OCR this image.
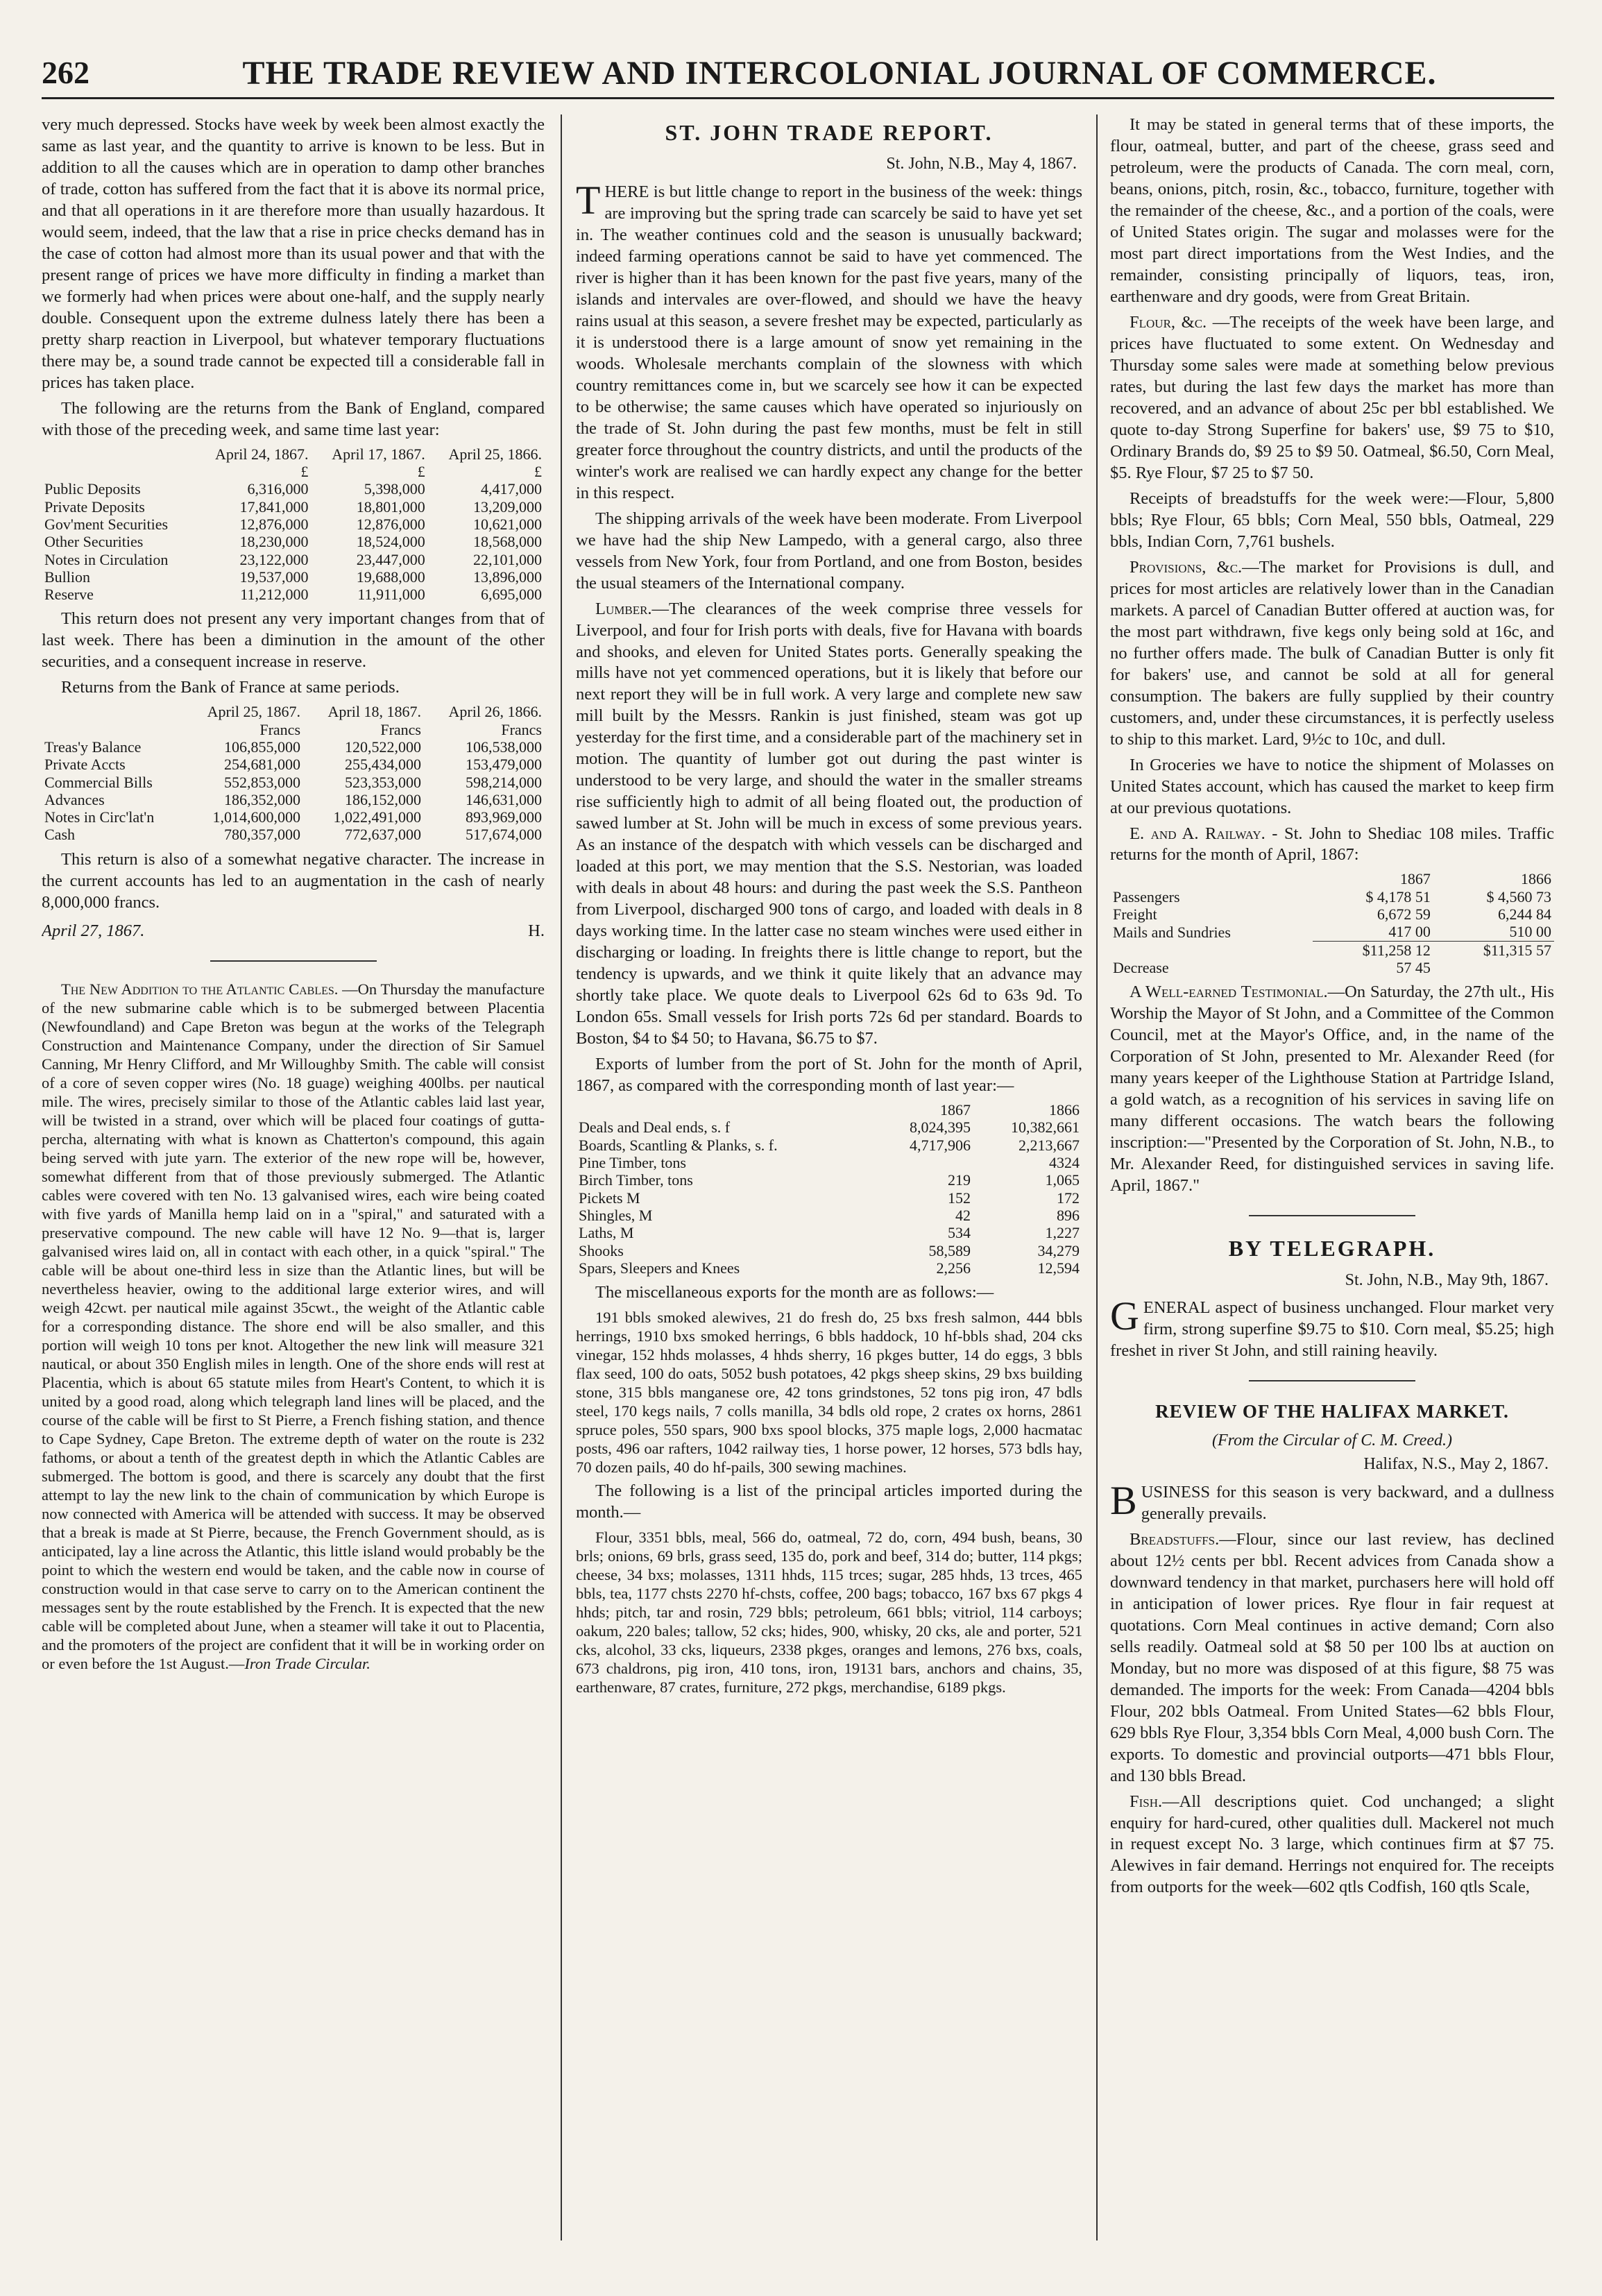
262	THE TRADE REVIEW AND INTERCOLONIAL JOURNAL OF COMMERCE.

very much depressed. Stocks have week by week been almost exactly the same as last year, and the quantity to arrive is known to be less. But in addition to all the causes which are in operation to damp other branches of trade, cotton has suffered from the fact that it is above its normal price, and that all operations in it are therefore more than usually hazardous. It would seem, indeed, that the law that a rise in price checks demand has in the case of cotton had almost more than its usual power and that with the present range of prices we have more difficulty in finding a market than we formerly had when prices were about one-half, and the supply nearly double. Consequent upon the extreme dulness lately there has been a pretty sharp reaction in Liverpool, but whatever temporary fluctuations there may be, a sound trade cannot be expected till a considerable fall in prices has taken place.

The following are the returns from the Bank of England, compared with those of the preceding week, and same time last year:

	April 24, 1867.	April 17, 1867.	April 25, 1866.
	£	£	£
Public Deposits	6,316,000	5,398,000	4,417,000
Private Deposits	17,841,000	18,801,000	13,209,000
Gov'ment Securities	12,876,000	12,876,000	10,621,000
Other Securities	18,230,000	18,524,000	18,568,000
Notes in Circulation	23,122,000	23,447,000	22,101,000
Bullion	19,537,000	19,688,000	13,896,000
Reserve	11,212,000	11,911,000	6,695,000

This return does not present any very important changes from that of last week. There has been a diminution in the amount of the other securities, and a consequent increase in reserve.

Returns from the Bank of France at same periods.

	April 25, 1867.	April 18, 1867.	April 26, 1866.
	Francs	Francs	Francs
Treas'y Balance	106,855,000	120,522,000	106,538,000
Private Accts	254,681,000	255,434,000	153,479,000
Commercial Bills	552,853,000	523,353,000	598,214,000
Advances	186,352,000	186,152,000	146,631,000
Notes in Circ'lat'n	1,014,600,000	1,022,491,000	893,969,000
Cash	780,357,000	772,637,000	517,674,000

This return is also of a somewhat negative character. The increase in the current accounts has led to an augmentation in the cash of nearly 8,000,000 francs.

April 27, 1867.	H.

The New Addition to the Atlantic Cables. —On Thursday the manufacture of the new submarine cable which is to be submerged between Placentia (Newfoundland) and Cape Breton was begun at the works of the Telegraph Construction and Maintenance Company, under the direction of Sir Samuel Canning, Mr Henry Clifford, and Mr Willoughby Smith. The cable will consist of a core of seven copper wires (No. 18 guage) weighing 400lbs. per nautical mile. The wires, precisely similar to those of the Atlantic cables laid last year, will be twisted in a strand, over which will be placed four coatings of gutta-percha, alternating with what is known as Chatterton's compound, this again being served with jute yarn. The exterior of the new rope will be, however, somewhat different from that of those previously submerged. The Atlantic cables were covered with ten No. 13 galvanised wires, each wire being coated with five yards of Manilla hemp laid on in a "spiral," and saturated with a preservative compound. The new cable will have 12 No. 9—that is, larger galvanised wires laid on, all in contact with each other, in a quick "spiral." The cable will be about one-third less in size than the Atlantic lines, but will be nevertheless heavier, owing to the additional large exterior wires, and will weigh 42cwt. per nautical mile against 35cwt., the weight of the Atlantic cable for a corresponding distance. The shore end will be also smaller, and this portion will weigh 10 tons per knot. Altogether the new link will measure 321 nautical, or about 350 English miles in length. One of the shore ends will rest at Placentia, which is about 65 statute miles from Heart's Content, to which it is united by a good road, along which telegraph land lines will be placed, and the course of the cable will be first to St Pierre, a French fishing station, and thence to Cape Sydney, Cape Breton. The extreme depth of water on the route is 232 fathoms, or about a tenth of the greatest depth in which the Atlantic Cables are submerged. The bottom is good, and there is scarcely any doubt that the first attempt to lay the new link to the chain of communication by which Europe is now connected with America will be attended with success. It may be observed that a break is made at St Pierre, because, the French Government should, as is anticipated, lay a line across the Atlantic, this little island would probably be the point to which the western end would be taken, and the cable now in course of construction would in that case serve to carry on to the American continent the messages sent by the route established by the French. It is expected that the new cable will be completed about June, when a steamer will take it out to Placentia, and the promoters of the project are confident that it will be in working order on or even before the 1st August.—Iron Trade Circular.

ST. JOHN TRADE REPORT.
St. John, N.B., May 4, 1867.

THERE is but little change to report in the business of the week: things are improving but the spring trade can scarcely be said to have yet set in. The weather continues cold and the season is unusually backward; indeed farming operations cannot be said to have yet commenced. The river is higher than it has been known for the past five years, many of the islands and intervales are over-flowed, and should we have the heavy rains usual at this season, a severe freshet may be expected, particularly as it is understood there is a large amount of snow yet remaining in the woods. Wholesale merchants complain of the slowness with which country remittances come in, but we scarcely see how it can be expected to be otherwise; the same causes which have operated so injuriously on the trade of St. John during the past few months, must be felt in still greater force throughout the country districts, and until the products of the winter's work are realised we can hardly expect any change for the better in this respect.

The shipping arrivals of the week have been moderate. From Liverpool we have had the ship New Lampedo, with a general cargo, also three vessels from New York, four from Portland, and one from Boston, besides the usual steamers of the International company.

Lumber.—The clearances of the week comprise three vessels for Liverpool, and four for Irish ports with deals, five for Havana with boards and shooks, and eleven for United States ports. Generally speaking the mills have not yet commenced operations, but it is likely that before our next report they will be in full work. A very large and complete new saw mill built by the Messrs. Rankin is just finished, steam was got up yesterday for the first time, and a considerable part of the machinery set in motion. The quantity of lumber got out during the past winter is understood to be very large, and should the water in the smaller streams rise sufficiently high to admit of all being floated out, the production of sawed lumber at St. John will be much in excess of some previous years. As an instance of the despatch with which vessels can be discharged and loaded at this port, we may mention that the S.S. Nestorian, was loaded with deals in about 48 hours: and during the past week the S.S. Pantheon from Liverpool, discharged 900 tons of cargo, and loaded with deals in 8 days working time. In the latter case no steam winches were used either in discharging or loading. In freights there is little change to report, but the tendency is upwards, and we think it quite likely that an advance may shortly take place. We quote deals to Liverpool 62s 6d to 63s 9d. To London 65s. Small vessels for Irish ports 72s 6d per standard. Boards to Boston, $4 to $4 50; to Havana, $6.75 to $7.

Exports of lumber from the port of St. John for the month of April, 1867, as compared with the corresponding month of last year:—

	1867	1866
Deals and Deal ends, s. f	8,024,395	10,382,661
Boards, Scantling & Planks, s. f.	4,717,906	2,213,667
Pine Timber, tons		4324
Birch Timber, tons	219	1,065
Pickets M	152	172
Shingles, M	42	896
Laths, M	534	1,227
Shooks	58,589	34,279
Spars, Sleepers and Knees	2,256	12,594

The miscellaneous exports for the month are as follows:—

191 bbls smoked alewives, 21 do fresh do, 25 bxs fresh salmon, 444 bbls herrings, 1910 bxs smoked herrings, 6 bbls haddock, 10 hf-bbls shad, 204 cks vinegar, 152 hhds molasses, 4 hhds sherry, 16 pkges butter, 14 do eggs, 3 bbls flax seed, 100 do oats, 5052 bush potatoes, 42 pkgs sheep skins, 29 bxs building stone, 315 bbls manganese ore, 42 tons grindstones, 52 tons pig iron, 47 bdls steel, 170 kegs nails, 7 colls manilla, 34 bdls old rope, 2 crates ox horns, 2861 spruce poles, 550 spars, 900 bxs spool blocks, 375 maple logs, 2,000 hacmatac posts, 496 oar rafters, 1042 railway ties, 1 horse power, 12 horses, 573 bdls hay, 70 dozen pails, 40 do hf-pails, 300 sewing machines.

The following is a list of the principal articles imported during the month.—

Flour, 3351 bbls, meal, 566 do, oatmeal, 72 do, corn, 494 bush, beans, 30 brls; onions, 69 brls, grass seed, 135 do, pork and beef, 314 do; butter, 114 pkgs; cheese, 34 bxs; molasses, 1311 hhds, 115 trces; sugar, 285 hhds, 13 trces, 465 bbls, tea, 1177 chsts 2270 hf-chsts, coffee, 200 bags; tobacco, 167 bxs 67 pkgs 4 hhds; pitch, tar and rosin, 729 bbls; petroleum, 661 bbls; vitriol, 114 carboys; oakum, 220 bales; tallow, 52 cks; hides, 900, whisky, 20 cks, ale and porter, 521 cks, alcohol, 33 cks, liqueurs, 2338 pkges, oranges and lemons, 276 bxs, coals, 673 chaldrons, pig iron, 410 tons, iron, 19131 bars, anchors and chains, 35, earthenware, 87 crates, furniture, 272 pkgs, merchandise, 6189 pkgs.

It may be stated in general terms that of these imports, the flour, oatmeal, butter, and part of the cheese, grass seed and petroleum, were the products of Canada. The corn meal, corn, beans, onions, pitch, rosin, &c., tobacco, furniture, together with the remainder of the cheese, &c., and a portion of the coals, were of United States origin. The sugar and molasses were for the most part direct importations from the West Indies, and the remainder, consisting principally of liquors, teas, iron, earthenware and dry goods, were from Great Britain.

Flour, &c. —The receipts of the week have been large, and prices have fluctuated to some extent. On Wednesday and Thursday some sales were made at something below previous rates, but during the last few days the market has more than recovered, and an advance of about 25c per bbl established. We quote to-day Strong Superfine for bakers' use, $9 75 to $10, Ordinary Brands do, $9 25 to $9 50. Oatmeal, $6.50, Corn Meal, $5. Rye Flour, $7 25 to $7 50.

Receipts of breadstuffs for the week were:—Flour, 5,800 bbls; Rye Flour, 65 bbls; Corn Meal, 550 bbls, Oatmeal, 229 bbls, Indian Corn, 7,761 bushels.

Provisions, &c.—The market for Provisions is dull, and prices for most articles are relatively lower than in the Canadian markets. A parcel of Canadian Butter offered at auction was, for the most part withdrawn, five kegs only being sold at 16c, and no further offers made. The bulk of Canadian Butter is only fit for bakers' use, and cannot be sold at all for general consumption. The bakers are fully supplied by their country customers, and, under these circumstances, it is perfectly useless to ship to this market. Lard, 9½c to 10c, and dull.

In Groceries we have to notice the shipment of Molasses on United States account, which has caused the market to keep firm at our previous quotations.

E. and A. Railway. - St. John to Shediac 108 miles. Traffic returns for the month of April, 1867:

	1867	1866
Passengers	$ 4,178 51	$ 4,560 73
Freight	6,672 59	6,244 84
Mails and Sundries	417 00	510 00
	$11,258 12	$11,315 57
Decrease	57 45	

A Well-earned Testimonial.—On Saturday, the 27th ult., His Worship the Mayor of St John, and a Committee of the Common Council, met at the Mayor's Office, and, in the name of the Corporation of St John, presented to Mr. Alexander Reed (for many years keeper of the Lighthouse Station at Partridge Island, a gold watch, as a recognition of his services in saving life on many different occasions. The watch bears the following inscription:—"Presented by the Corporation of St. John, N.B., to Mr. Alexander Reed, for distinguished services in saving life. April, 1867."

BY TELEGRAPH.
St. John, N.B., May 9th, 1867.

GENERAL aspect of business unchanged. Flour market very firm, strong superfine $9.75 to $10. Corn meal, $5.25; high freshet in river St John, and still raining heavily.

REVIEW OF THE HALIFAX MARKET.
(From the Circular of C. M. Creed.)
Halifax, N.S., May 2, 1867.

BUSINESS for this season is very backward, and a dullness generally prevails.

Breadstuffs.—Flour, since our last review, has declined about 12½ cents per bbl. Recent advices from Canada show a downward tendency in that market, purchasers here will hold off in anticipation of lower prices. Rye flour in fair request at quotations. Corn Meal continues in active demand; Corn also sells readily. Oatmeal sold at $8 50 per 100 lbs at auction on Monday, but no more was disposed of at this figure, $8 75 was demanded. The imports for the week: From Canada—4204 bbls Flour, 202 bbls Oatmeal. From United States—62 bbls Flour, 629 bbls Rye Flour, 3,354 bbls Corn Meal, 4,000 bush Corn. The exports. To domestic and provincial outports—471 bbls Flour, and 130 bbls Bread.

Fish.—All descriptions quiet. Cod unchanged; a slight enquiry for hard-cured, other qualities dull. Mackerel not much in request except No. 3 large, which continues firm at $7 75. Alewives in fair demand. Herrings not enquired for. The receipts from outports for the week—602 qtls Codfish, 160 qtls Scale,
